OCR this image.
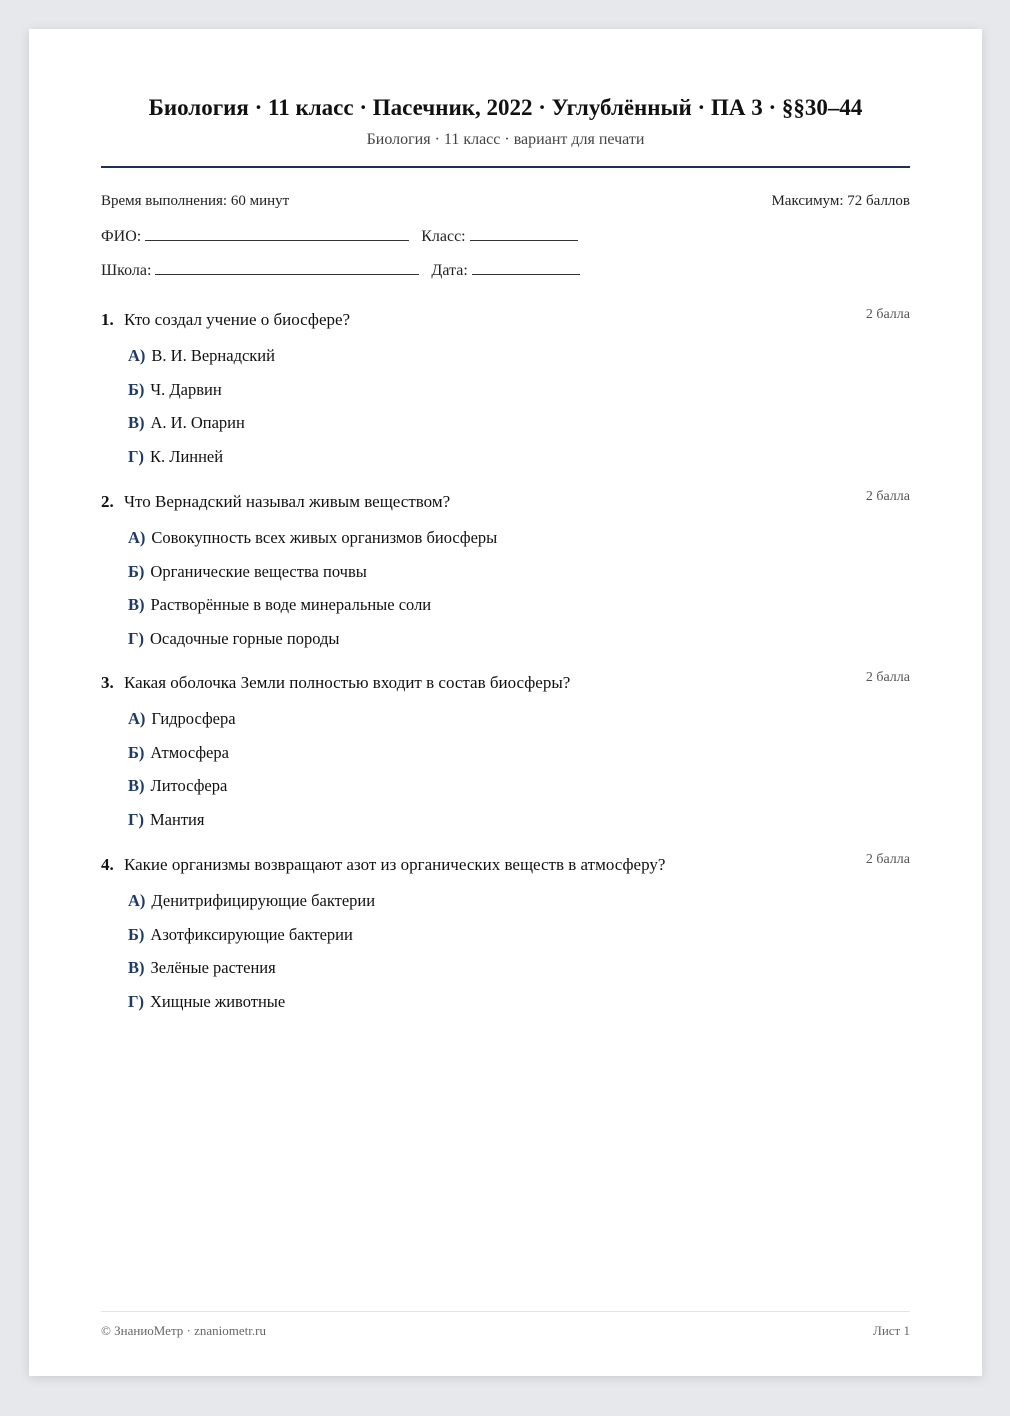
Биология · 11 класс · Пасечник, 2022 · Углублённый · ПА 3 · §§30–44
Биология · 11 класс · вариант для печати
Время выполнения: 60 минут	Максимум: 72 баллов
ФИО:	Класс:
Школа:	Дата:
1. Кто создал учение о биосфере?	2 балла
А) В. И. Вернадский
Б) Ч. Дарвин
В) А. И. Опарин
Г) К. Линней
2. Что Вернадский называл живым веществом?	2 балла
А) Совокупность всех живых организмов биосферы
Б) Органические вещества почвы
В) Растворённые в воде минеральные соли
Г) Осадочные горные породы
3. Какая оболочка Земли полностью входит в состав биосферы?	2 балла
А) Гидросфера
Б) Атмосфера
В) Литосфера
Г) Мантия
4. Какие организмы возвращают азот из органических веществ в атмосферу?	2 балла
А) Денитрифицирующие бактерии
Б) Азотфиксирующие бактерии
В) Зелёные растения
Г) Хищные животные
© ЗнаниоМетр · znaniometr.ru	Лист 1
